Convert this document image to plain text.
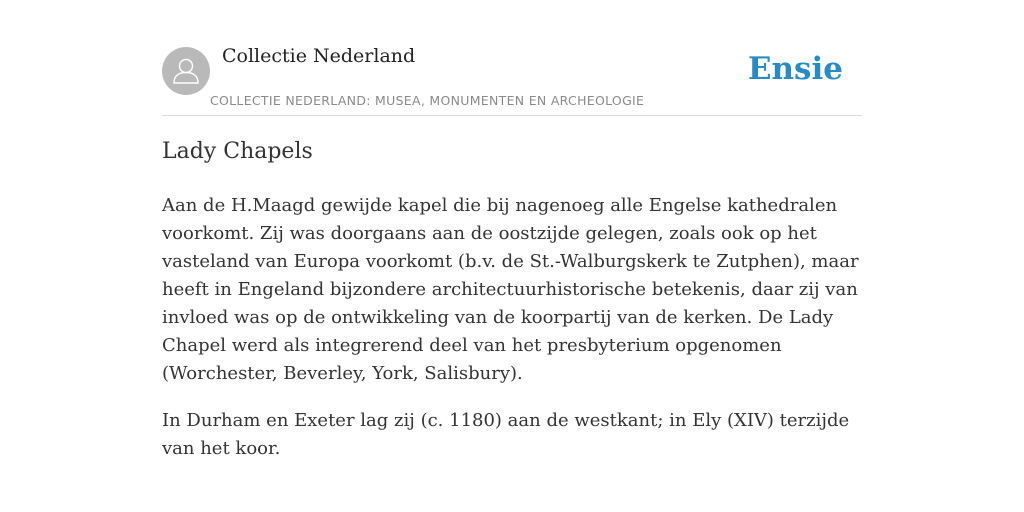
Collectie Nederland
COLLECTIE NEDERLAND: MUSEA, MONUMENTEN EN ARCHEOLOGIE
Ensie
Lady Chapels

Aan de H.Maagd gewijde kapel die bij nagenoeg alle Engelse kathedralen voorkomt. Zij was doorgaans aan de oostzijde gelegen, zoals ook op het vasteland van Europa voorkomt (b.v. de St.-Walburgskerk te Zutphen), maar heeft in Engeland bijzondere architectuurhistorische betekenis, daar zij van invloed was op de ontwikkeling van de koorpartij van de kerken. De Lady Chapel werd als integrerend deel van het presbyterium opgenomen (Worchester, Beverley, York, Salisbury).

In Durham en Exeter lag zij (c. 1180) aan de westkant; in Ely (XIV) terzijde van het koor.
